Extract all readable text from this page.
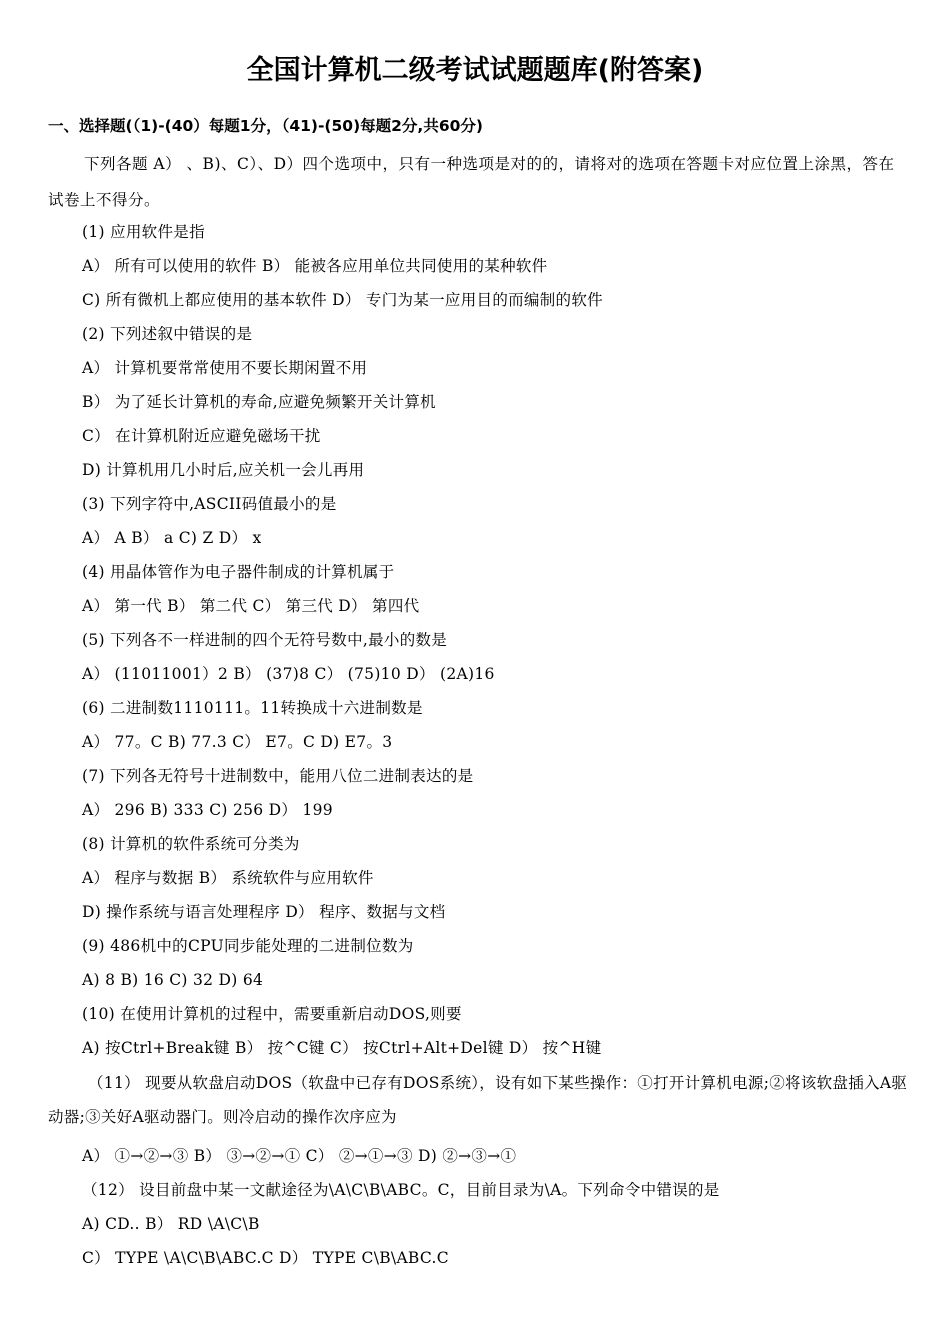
全国计算机二级考试试题题库(附答案)
一、选择题(（1)-(40）每题1分，（41)-(50)每题2分,共60分)
下列各题 A） 、B)、C）、D）四个选项中，只有一种选项是对的的，请将对的选项在答题卡对应位置上涂黑，答在试卷上不得分。
(1) 应用软件是指
A） 所有可以使用的软件 B） 能被各应用单位共同使用的某种软件
C) 所有微机上都应使用的基本软件 D） 专门为某一应用目的而编制的软件
(2) 下列述叙中错误的是
A） 计算机要常常使用不要长期闲置不用
B） 为了延长计算机的寿命,应避免频繁开关计算机
C） 在计算机附近应避免磁场干扰
D) 计算机用几小时后,应关机一会儿再用
(3) 下列字符中,ASCII码值最小的是
A） A B） a C) Z D） x
(4) 用晶体管作为电子器件制成的计算机属于
A） 第一代 B） 第二代 C） 第三代 D） 第四代
(5) 下列各不一样进制的四个无符号数中,最小的数是
A） (11011001）2 B） (37)8 C） (75)10 D） (2A)16
(6) 二进制数1110111。11转换成十六进制数是
A） 77。C B) 77.3 C） E7。C D) E7。3
(7) 下列各无符号十进制数中，能用八位二进制表达的是
A） 296 B) 333 C) 256 D） 199
(8) 计算机的软件系统可分类为
A） 程序与数据 B） 系统软件与应用软件
D) 操作系统与语言处理程序 D） 程序、数据与文档
(9) 486机中的CPU同步能处理的二进制位数为
A) 8 B) 16 C) 32 D) 64
(10) 在使用计算机的过程中，需要重新启动DOS,则要
A) 按Ctrl+Break键 B） 按^C键 C） 按Ctrl+Alt+Del键 D） 按^H键
（11） 现要从软盘启动DOS（软盘中已存有DOS系统），设有如下某些操作：①打开计算机电源;②将该软盘插入A驱动器;③关好A驱动器门。则冷启动的操作次序应为
A） ①→②→③ B） ③→②→① C） ②→①→③ D) ②→③→①
（12） 设目前盘中某一文献途径为\A\C\B\ABC。C，目前目录为\A。下列命令中错误的是
A) CD.. B） RD \A\C\B
C） TYPE \A\C\B\ABC.C D） TYPE C\B\ABC.C
